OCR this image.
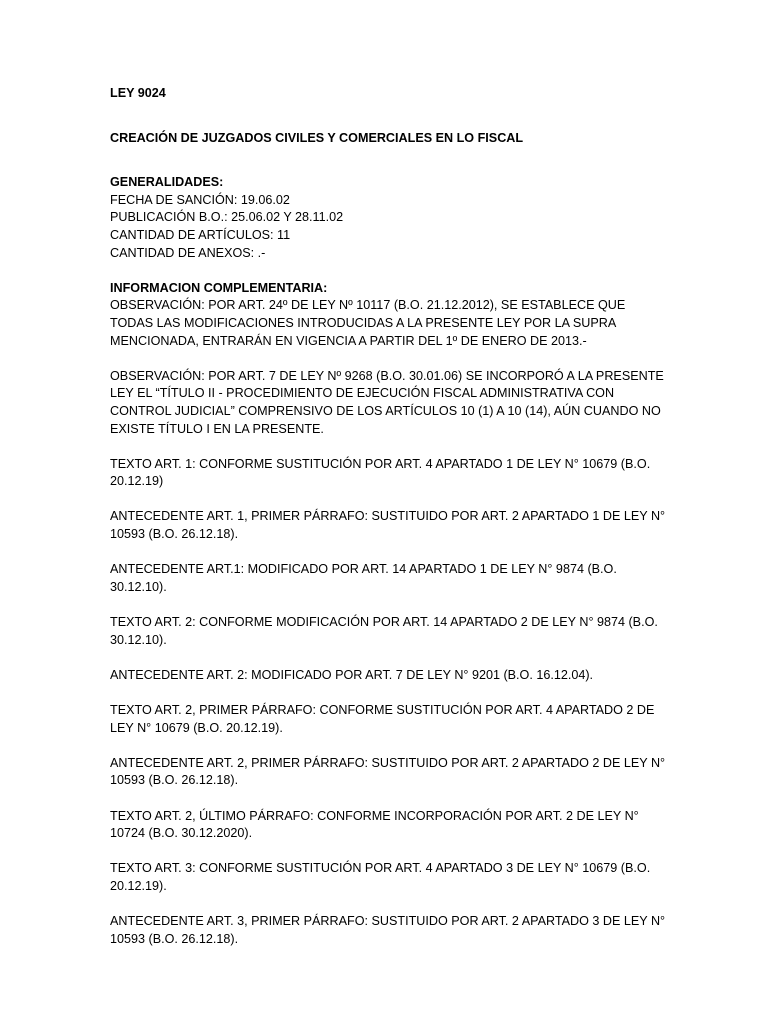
LEY 9024

CREACIÓN DE JUZGADOS CIVILES Y COMERCIALES EN LO FISCAL

GENERALIDADES:

FECHA DE SANCIÓN: 19.06.02

PUBLICACIÓN B.O.: 25.06.02 Y 28.11.02

CANTIDAD DE ARTÍCULOS: 11

CANTIDAD DE ANEXOS: .-

INFORMACION COMPLEMENTARIA:

OBSERVACIÓN: POR ART. 24º DE LEY Nº 10117 (B.O. 21.12.2012), SE ESTABLECE QUE TODAS LAS MODIFICACIONES INTRODUCIDAS A LA PRESENTE LEY POR LA SUPRA MENCIONADA, ENTRARÁN EN VIGENCIA A PARTIR DEL 1º DE ENERO DE 2013.-

OBSERVACIÓN: POR ART. 7 DE LEY Nº 9268 (B.O. 30.01.06) SE INCORPORÓ A LA PRESENTE LEY EL “TÍTULO II - PROCEDIMIENTO DE EJECUCIÓN FISCAL ADMINISTRATIVA CON CONTROL JUDICIAL” COMPRENSIVO DE LOS ARTÍCULOS 10 (1) A 10 (14), AÚN CUANDO NO EXISTE TÍTULO I EN LA PRESENTE.

TEXTO ART. 1: CONFORME SUSTITUCIÓN POR ART. 4 APARTADO 1 DE LEY N° 10679 (B.O. 20.12.19)

ANTECEDENTE ART. 1, PRIMER PÁRRAFO: SUSTITUIDO POR ART. 2 APARTADO 1 DE LEY N° 10593 (B.O. 26.12.18).

ANTECEDENTE ART.1: MODIFICADO POR ART. 14 APARTADO 1 DE LEY N° 9874 (B.O. 30.12.10).

TEXTO ART. 2: CONFORME MODIFICACIÓN POR ART. 14 APARTADO 2 DE LEY N° 9874 (B.O. 30.12.10).

ANTECEDENTE ART. 2: MODIFICADO POR ART. 7 DE LEY N° 9201 (B.O. 16.12.04).

TEXTO ART. 2, PRIMER PÁRRAFO: CONFORME SUSTITUCIÓN POR ART. 4 APARTADO 2 DE LEY N° 10679 (B.O. 20.12.19).

ANTECEDENTE ART. 2, PRIMER PÁRRAFO: SUSTITUIDO POR ART. 2 APARTADO 2 DE LEY N° 10593 (B.O. 26.12.18).

TEXTO ART. 2, ÚLTIMO PÁRRAFO: CONFORME INCORPORACIÓN POR ART. 2 DE LEY N° 10724 (B.O. 30.12.2020).

TEXTO ART. 3: CONFORME SUSTITUCIÓN POR ART. 4 APARTADO 3 DE LEY N° 10679 (B.O. 20.12.19).

ANTECEDENTE ART. 3, PRIMER PÁRRAFO: SUSTITUIDO POR ART. 2 APARTADO 3 DE LEY N° 10593 (B.O. 26.12.18).
